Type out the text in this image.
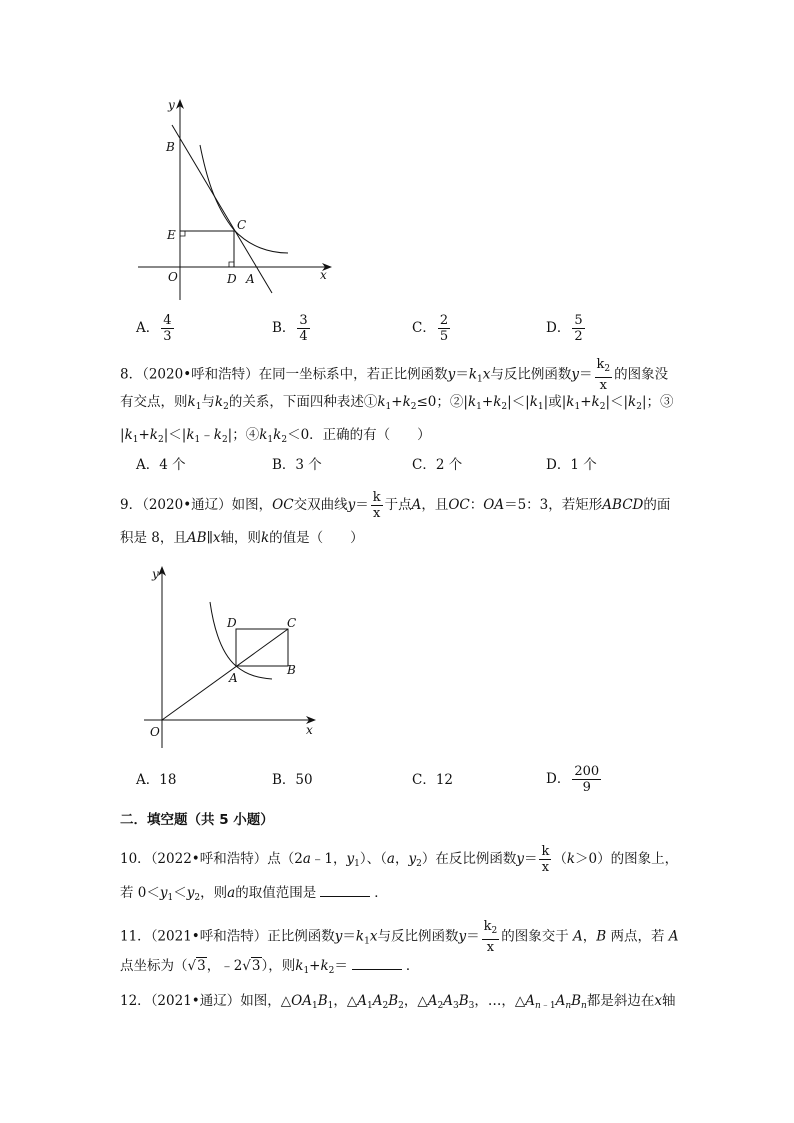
y
x
B
C
E
O	D A
A． $\frac{4}{3}$	B． $\frac{3}{4}$	C． $\frac{2}{5}$	D． $\frac{5}{2}$
8．（2020•呼和浩特）在同一坐标系中，若正比例函数$y=k_1x$与反比例函数$y= \frac{k_2}{x}$ 的图象没
有交点，则$k_1$与$k_2$的关系，下面四种表述$①k_1+k_2\le 0$；$②|k_1+k_2|<|k_1|$或$|k_1+k_2|<|k_2|$；③
$|k_1+k_2|<|k_1﹣k_2|$；$④k_1k_2<0$．正确的有（　　）
A．4 个	B．3 个	C．2 个	D．1 个
9．（2020•通辽）如图，OC交双曲线$y= \frac{k}{x}$ 于点A，且OC：OA＝5：3，若矩形ABCD的面
积是 8，且AB∥x轴，则k的值是（　　）
y
x
D	C
A
B
O
A．18	B．50	C．12	D． $\frac{200}{9}$
二．填空题（共 5 小题）
10．（2022•呼和浩特）点（2a﹣1，$y_1$）、（a，$y_2$）在反比例函数$y= \frac{k}{x} (k>0)$的图象上，
若 $0<y_1<y_2$，则a的取值范围是	．
11．（2021•呼和浩特）正比例函数$y=k_1x$与反比例函数$y= \frac{k_2}{x}$ 的图象交于 A，B 两点，若 A
点坐标为（√3，﹣2√3），则$k_1+k_2=$	．
12．（2021•通辽）如图，$\triangle OA_1B_1$，$\triangle A_1A_2B_2$，$\triangle A_2A_3B_3$，…，$\triangle A_{n﹣1}A_nB_n$都是斜边在x轴
